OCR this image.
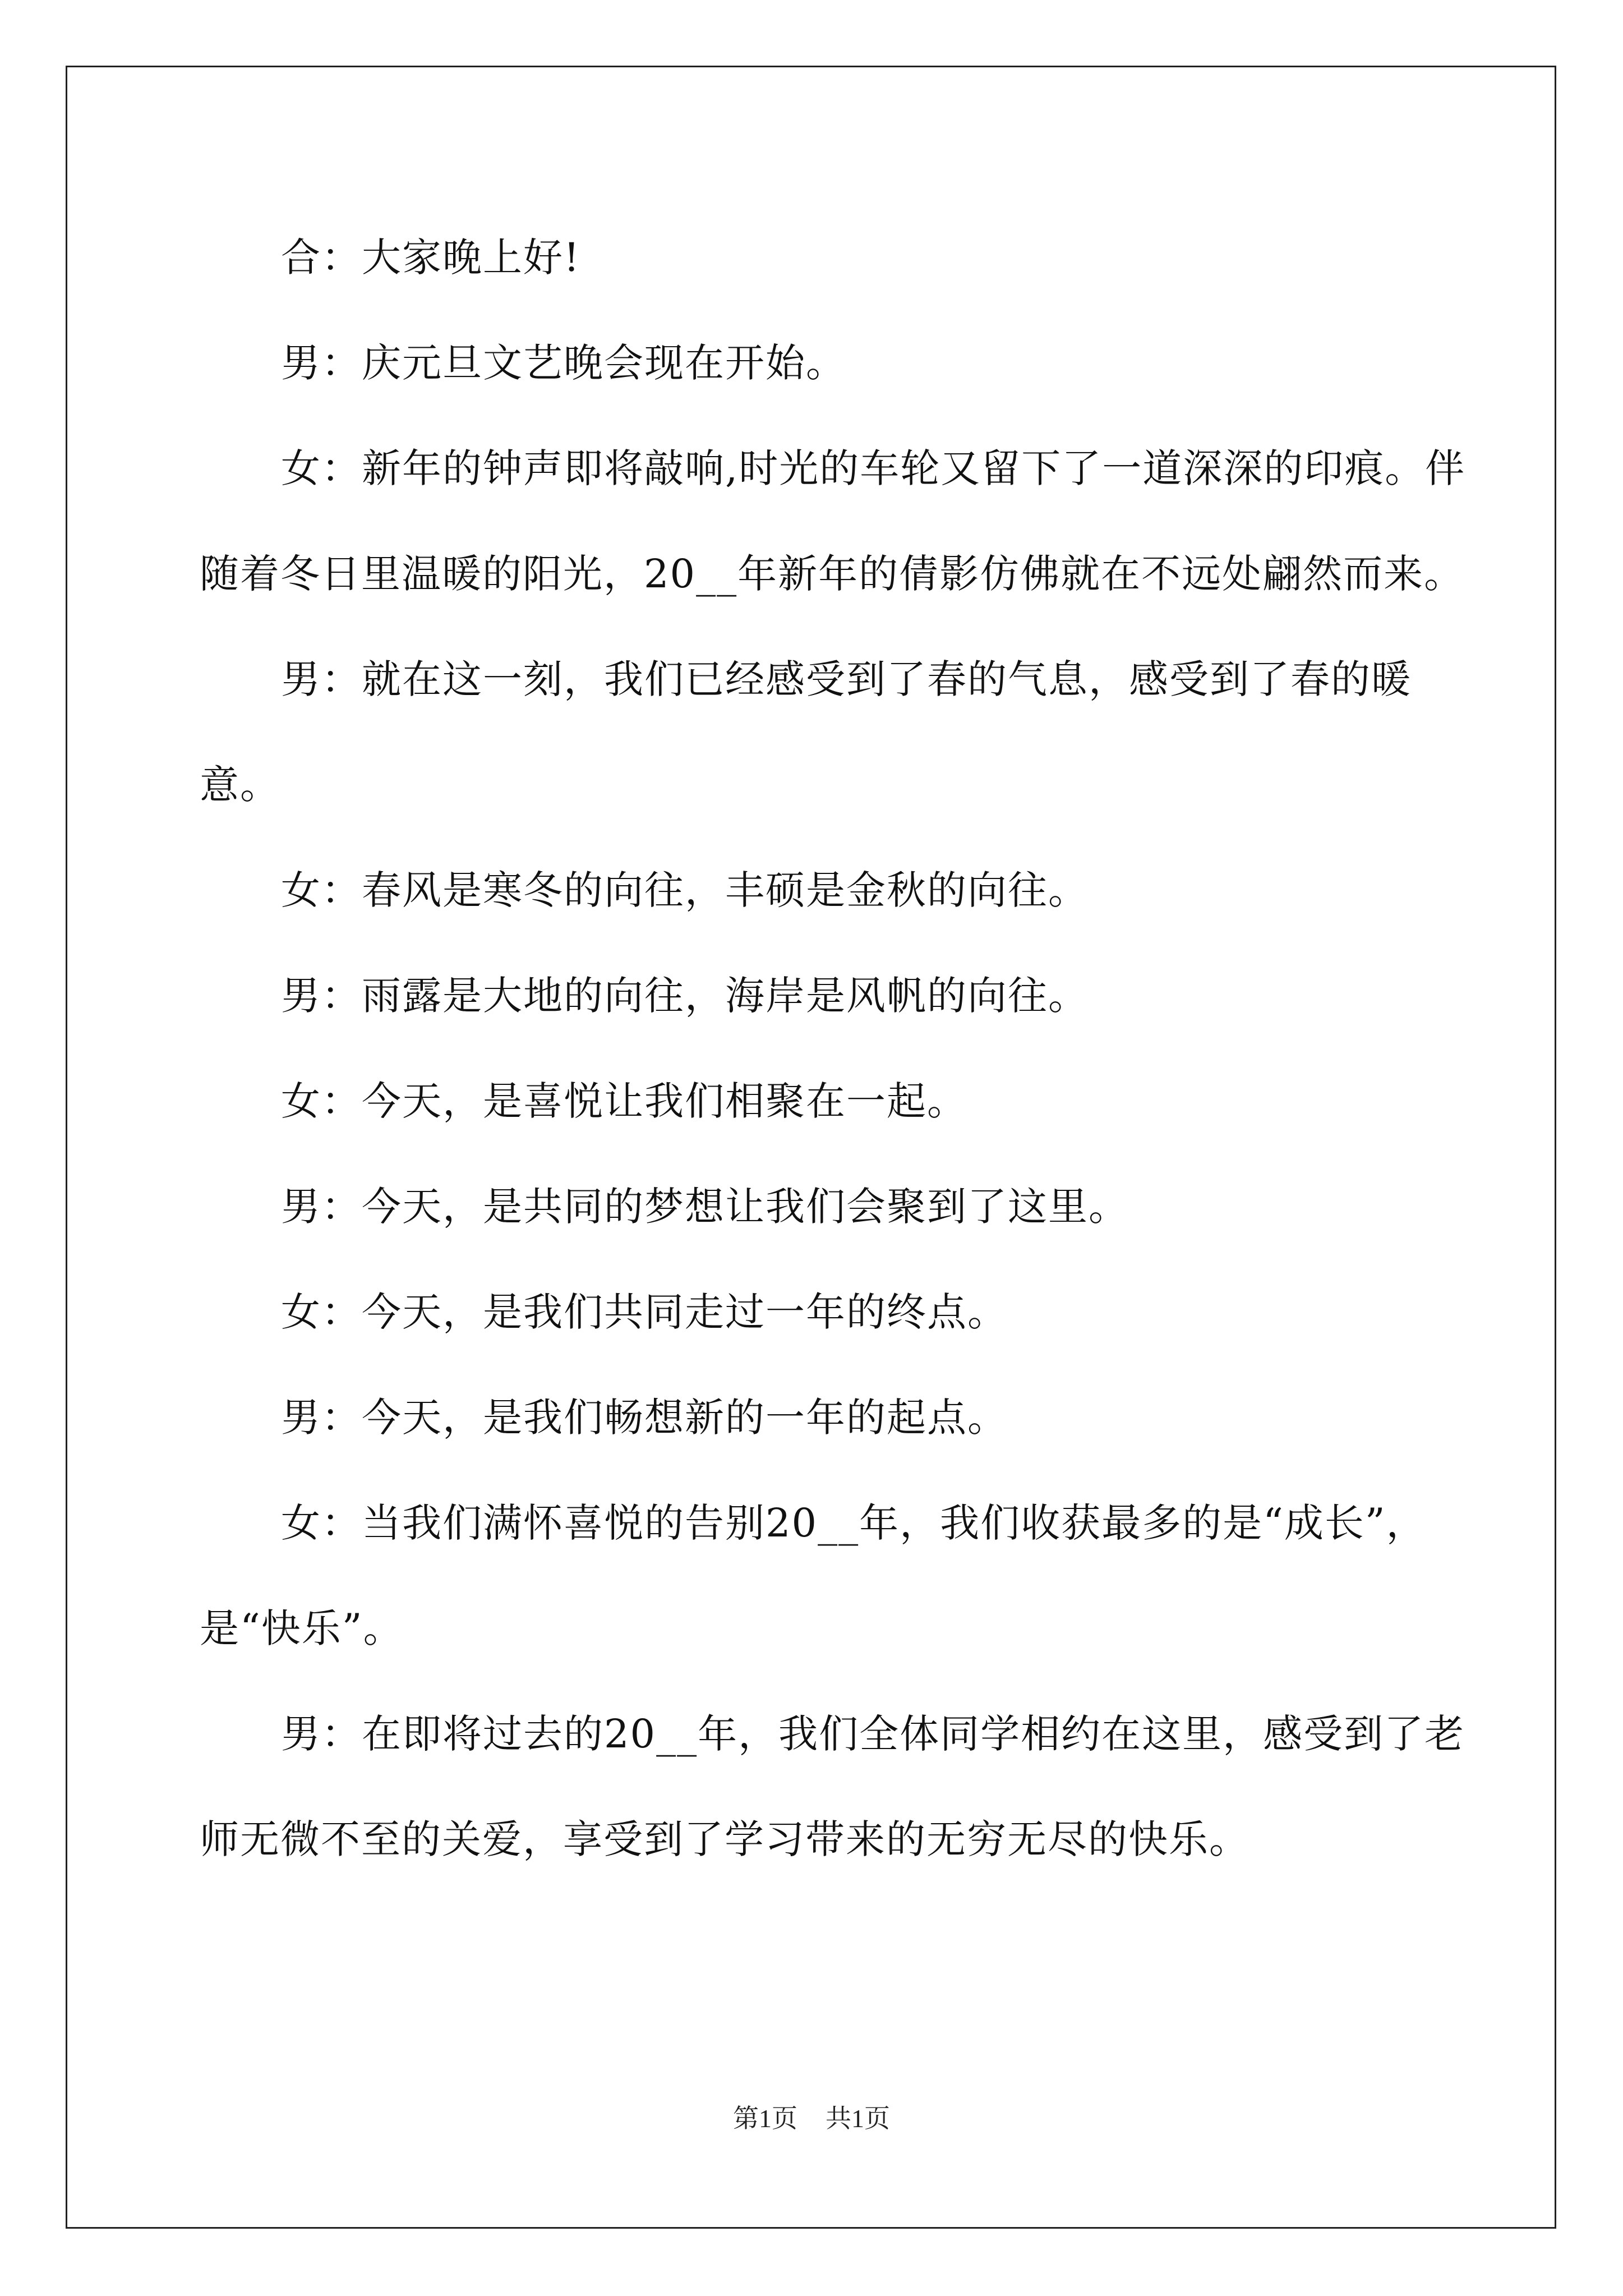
合：大家晚上好!

男：庆元旦文艺晚会现在开始。

女：新年的钟声即将敲响,时光的车轮又留下了一道深深的印痕。伴随着冬日里温暖的阳光，20__年新年的倩影仿佛就在不远处翩然而来。

男：就在这一刻，我们已经感受到了春的气息，感受到了春的暖意。

女：春风是寒冬的向往，丰硕是金秋的向往。

男：雨露是大地的向往，海岸是风帆的向往。

女：今天，是喜悦让我们相聚在一起。

男：今天，是共同的梦想让我们会聚到了这里。

女：今天，是我们共同走过一年的终点。

男：今天，是我们畅想新的一年的起点。

女：当我们满怀喜悦的告别20__年，我们收获最多的是“成长”，是“快乐”。

男：在即将过去的20__年，我们全体同学相约在这里，感受到了老师无微不至的关爱，享受到了学习带来的无穷无尽的快乐。

第1页 共1页
